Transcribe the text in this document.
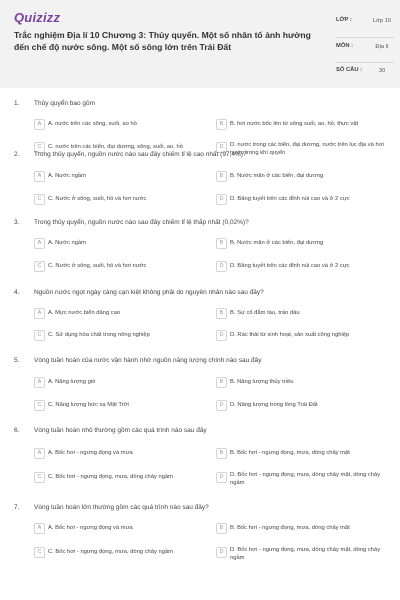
Quizizz
Trắc nghiệm Địa lí 10 Chương 3: Thủy quyển. Một số nhân tố ảnh hưởng đến chế độ nước sông. Một số sông lớn trên Trái Đất
LỚP :	Lớp 10
MÔN :	Địa lí
SỐ CÂU :	30
1. Thủy quyển bao gồm
A	A. nước trên các sông, suối, ao hồ	B	B. hơi nước bốc lên từ sông suối, ao, hồ, thực vật
C	C. nước trên các biển, đại dương, sông, suối, ao, hồ	D	D. nước trong các biển, đại dương, nước trên lục địa và hơi nước trong khí quyển
2. Trong thủy quyển, nguồn nước nào sau đây chiếm tỉ lệ cao nhất (97,4%)?
A	A. Nước ngầm	B	B. Nước mặn ở các biển, đại dương
C	C. Nước ở sông, suối, hồ và hơi nước	D	D. Băng tuyết trên các đỉnh núi cao và ở 2 cực
3. Trong thủy quyển, nguồn nước nào sau đây chiếm tỉ lệ thấp nhất (0,02%)?
A	A. Nước ngầm	B	B. Nước mặn ở các biển, đại dương
C	C. Nước ở sông, suối, hồ và hơi nước	D	D. Băng tuyết trên các đỉnh núi cao và ở 2 cực
4. Nguồn nước ngọt ngày càng cạn kiệt không phải do nguyên nhân nào sau đây?
A	A. Mực nước biển dâng cao	B	B. Sự cố đắm tàu, tràn dầu
C	C. Sử dụng hóa chất trong nông nghiệp	D	D. Rác thải từ sinh hoạt, sản xuất công nghiệp
5. Vòng tuần hoàn của nước vận hành nhờ nguồn năng lượng chính nào sau đây
A	A. Năng lượng gió	B	B. Năng lượng thủy triều
C	C. Năng lượng bức xạ Mặt Trời	D	D. Năng lượng trong lòng Trái Đất
6. Vòng tuần hoàn nhỏ thường gồm các quá trình nào sau đây
A	A. Bốc hơi - ngưng đọng và mưa	B	B. Bốc hơi - ngưng đọng, mưa, dòng chảy mặt
C	C. Bốc hơi - ngưng đọng, mưa, dòng chảy ngầm	D	D. Bốc hơi - ngưng đọng, mưa, dòng chảy mặt, dòng chảy ngầm
7. Vòng tuần hoàn lớn thường gồm các quá trình nào sau đây?
A	A. Bốc hơi - ngưng đọng và mưa	B	B. Bốc hơi - ngưng đọng, mưa, dòng chảy mặt
C	C. Bốc hơi - ngưng đọng, mưa, dòng chảy ngầm	D	D. Bốc hơi - ngưng đọng, mưa, dòng chảy mặt, dòng chảy ngầm
